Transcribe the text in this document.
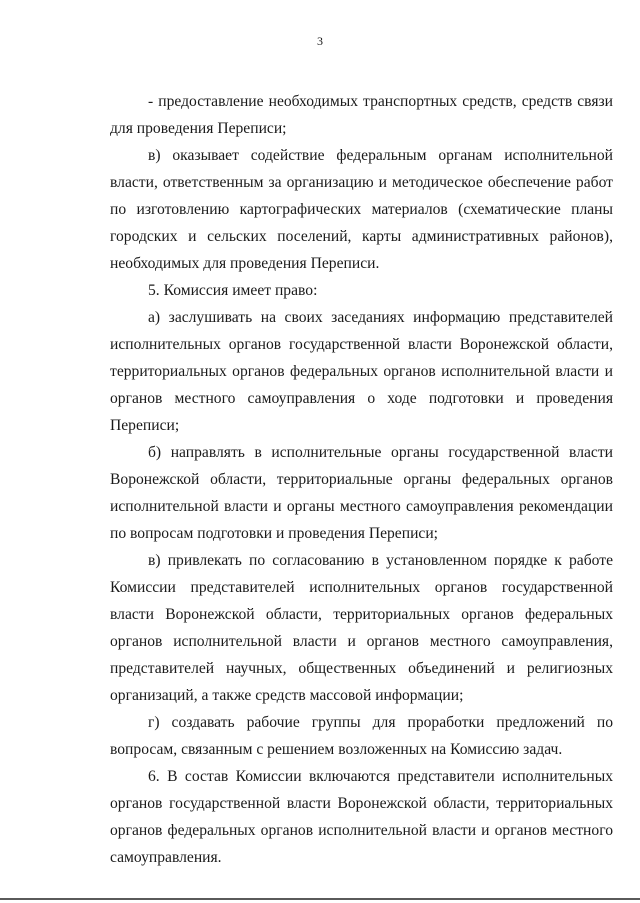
3

- предоставление необходимых транспортных средств, средств связи для проведения Переписи;

в) оказывает содействие федеральным органам исполнительной власти, ответственным за организацию и методическое обеспечение работ по изготовлению картографических материалов (схематические планы городских и сельских поселений, карты административных районов), необходимых для проведения Переписи.

5. Комиссия имеет право:

а) заслушивать на своих заседаниях информацию представителей исполнительных органов государственной власти Воронежской области, территориальных органов федеральных органов исполнительной власти и органов местного самоуправления о ходе подготовки и проведения Переписи;

б) направлять в исполнительные органы государственной власти Воронежской области, территориальные органы федеральных органов исполнительной власти и органы местного самоуправления рекомендации по вопросам подготовки и проведения Переписи;

в) привлекать по согласованию в установленном порядке к работе Комиссии представителей исполнительных органов государственной власти Воронежской области, территориальных органов федеральных органов исполнительной власти и органов местного самоуправления, представителей научных, общественных объединений и религиозных организаций, а также средств массовой информации;

г) создавать рабочие группы для проработки предложений по вопросам, связанным с решением возложенных на Комиссию задач.

6. В состав Комиссии включаются представители исполнительных органов государственной власти Воронежской области, территориальных органов федеральных органов исполнительной власти и органов местного самоуправления.
